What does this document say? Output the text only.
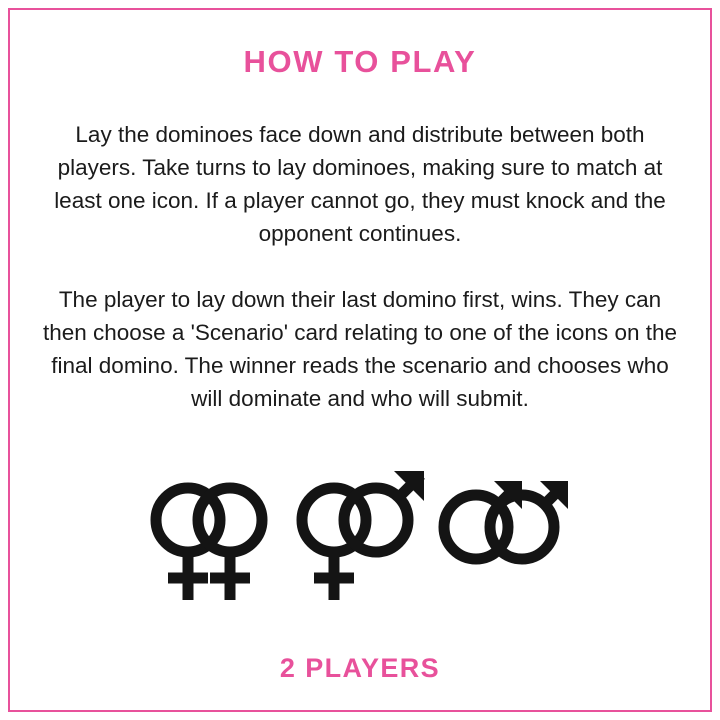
HOW TO PLAY

Lay the dominoes face down and distribute between both players. Take turns to lay dominoes, making sure to match at least one icon. If a player cannot go, they must knock and the opponent continues.

The player to lay down their last domino first, wins. They can then choose a 'Scenario' card relating to one of the icons on the final domino. The winner reads the scenario and chooses who will dominate and who will submit.

2 PLAYERS
